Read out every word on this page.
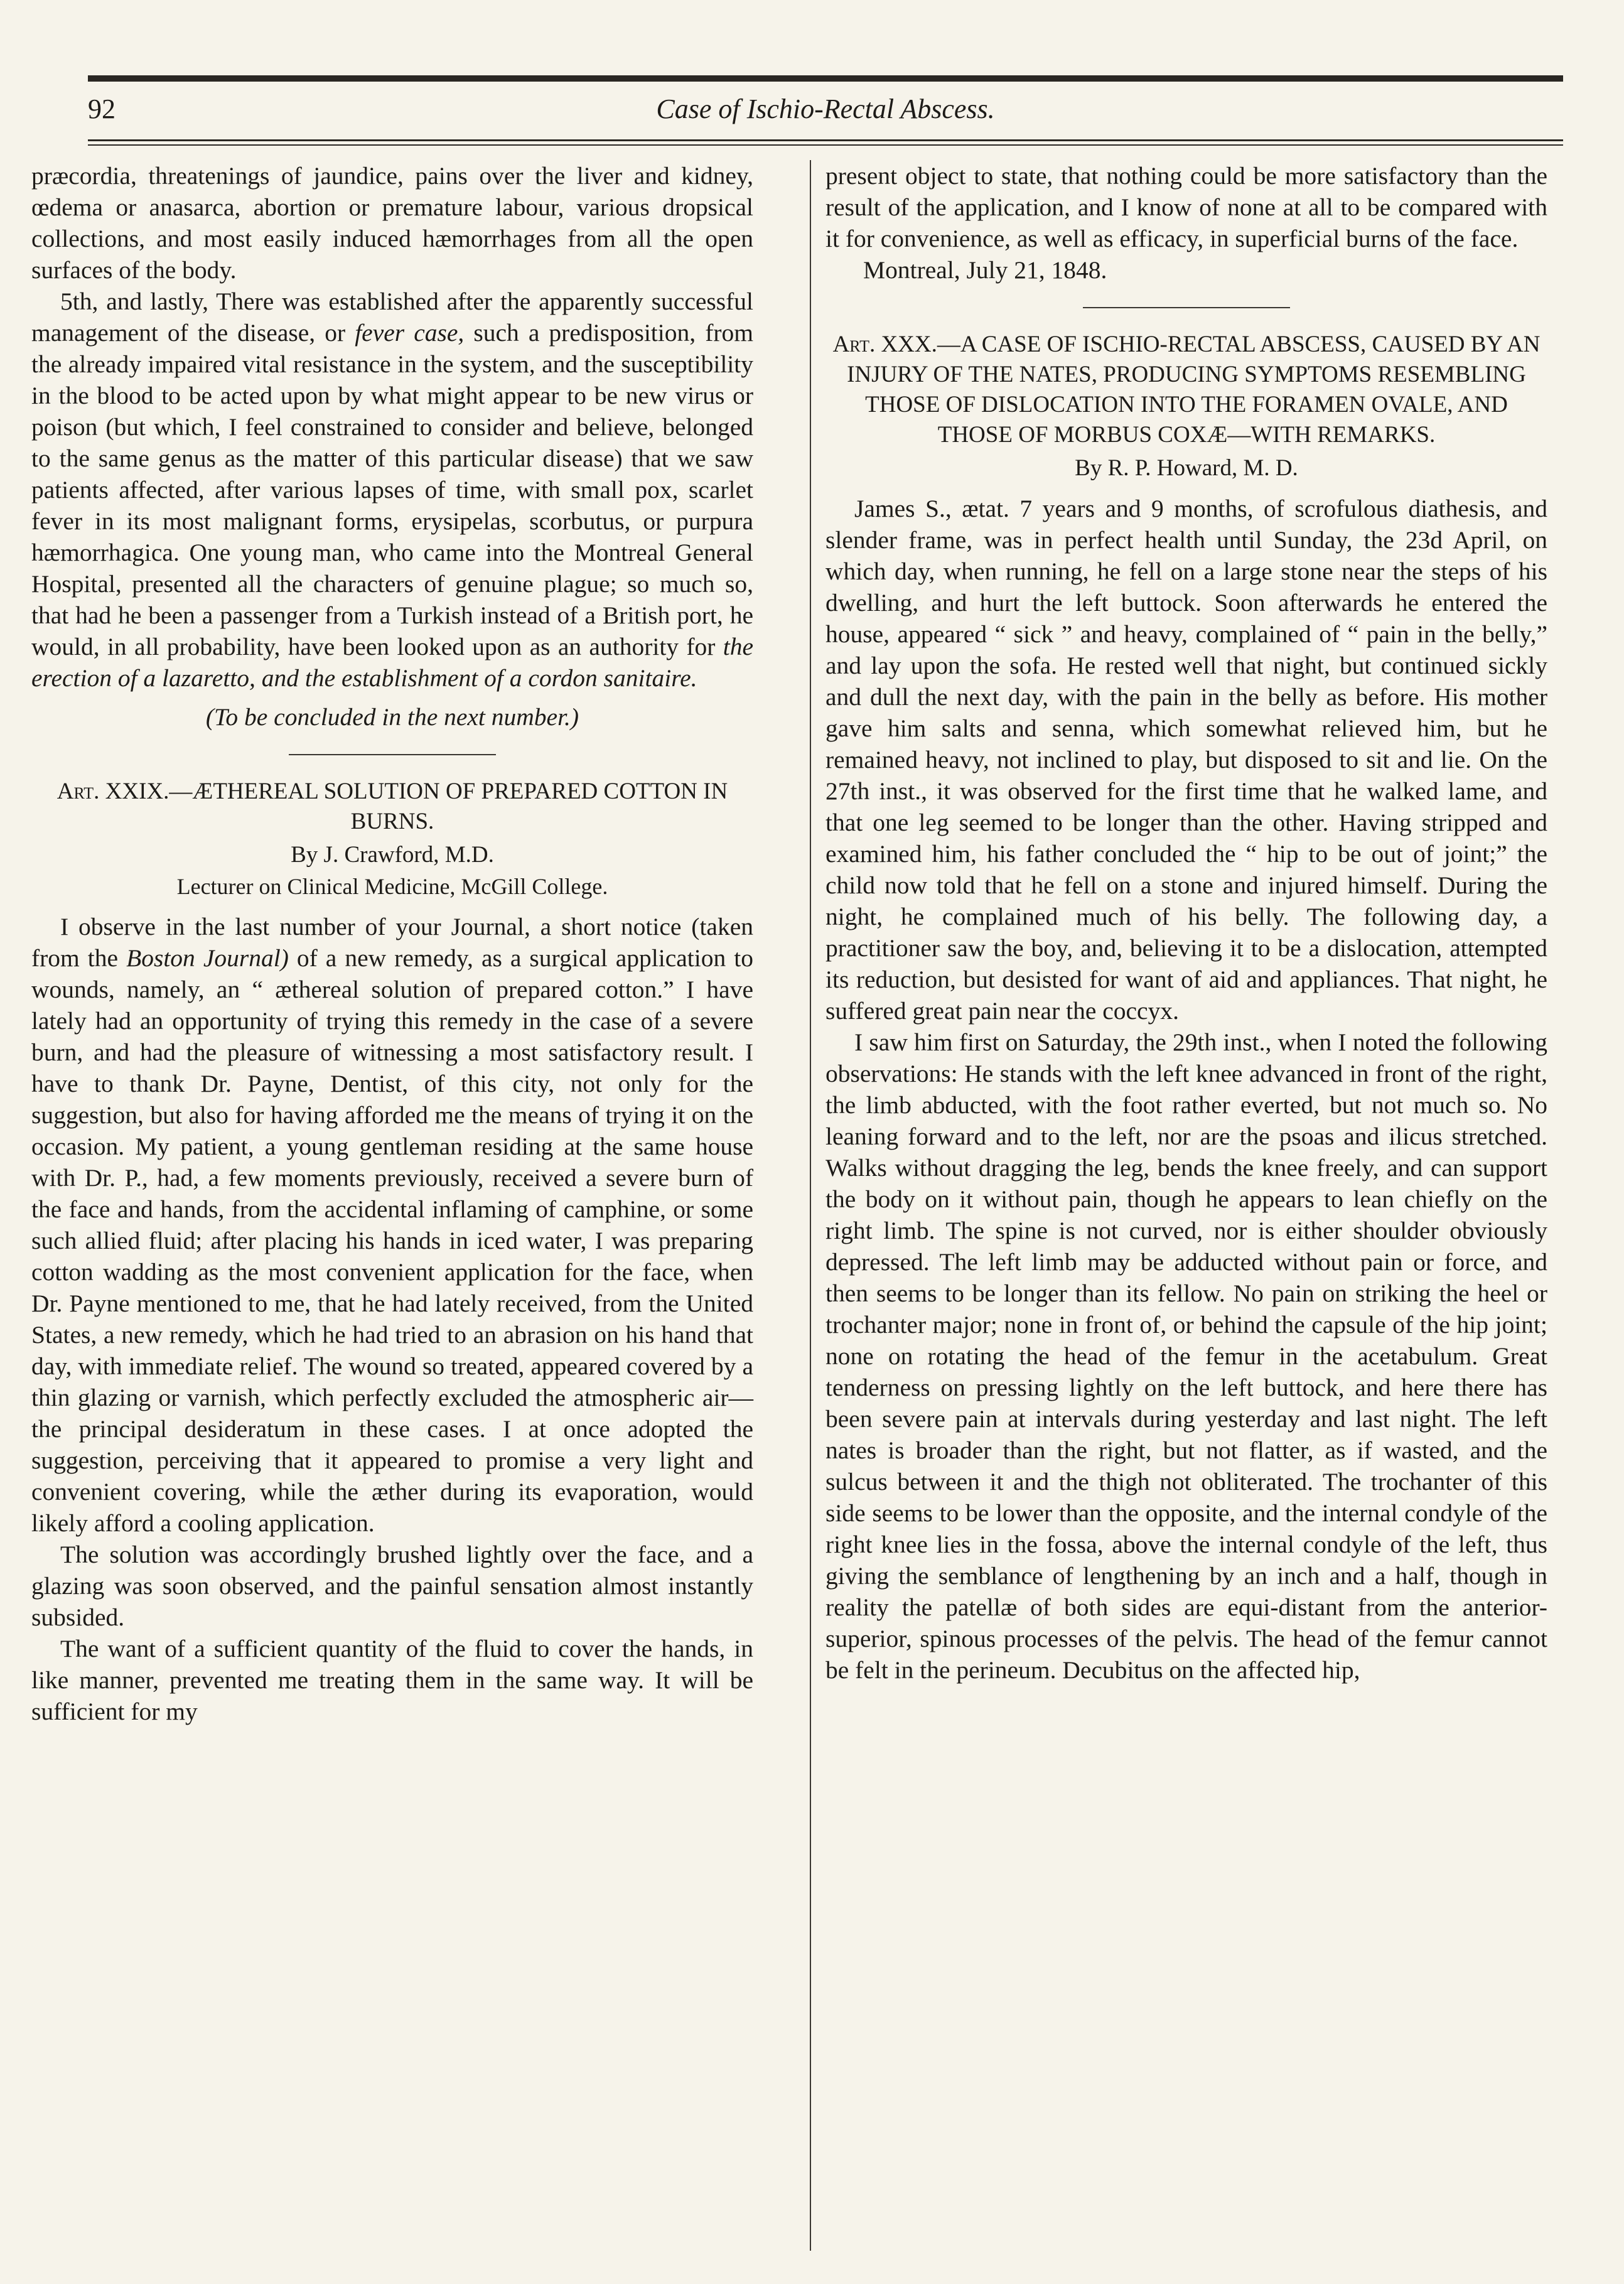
92	Case of Ischio-Rectal Abscess.

præcordia, threatenings of jaundice, pains over the liver and kidney, œdema or anasarca, abortion or premature labour, various dropsical collections, and most easily induced hæmorrhages from all the open surfaces of the body.

5th, and lastly, There was established after the apparently successful management of the disease, or fever case, such a predisposition, from the already impaired vital resistance in the system, and the susceptibility in the blood to be acted upon by what might appear to be new virus or poison (but which, I feel constrained to consider and believe, belonged to the same genus as the matter of this particular disease) that we saw patients affected, after various lapses of time, with small pox, scarlet fever in its most malignant forms, erysipelas, scorbutus, or purpura hæmorrhagica. One young man, who came into the Montreal General Hospital, presented all the characters of genuine plague; so much so, that had he been a passenger from a Turkish instead of a British port, he would, in all probability, have been looked upon as an authority for the erection of a lazaretto, and the establishment of a cordon sanitaire.

(To be concluded in the next number.)

Art. XXIX.—ÆTHEREAL SOLUTION OF PREPARED COTTON IN BURNS.
By J. Crawford, M.D.
Lecturer on Clinical Medicine, McGill College.

I observe in the last number of your Journal, a short notice (taken from the Boston Journal) of a new remedy, as a surgical application to wounds, namely, an “ æthereal solution of prepared cotton.” I have lately had an opportunity of trying this remedy in the case of a severe burn, and had the pleasure of witnessing a most satisfactory result. I have to thank Dr. Payne, Dentist, of this city, not only for the suggestion, but also for having afforded me the means of trying it on the occasion. My patient, a young gentleman residing at the same house with Dr. P., had, a few moments previously, received a severe burn of the face and hands, from the accidental inflaming of camphine, or some such allied fluid; after placing his hands in iced water, I was preparing cotton wadding as the most convenient application for the face, when Dr. Payne mentioned to me, that he had lately received, from the United States, a new remedy, which he had tried to an abrasion on his hand that day, with immediate relief. The wound so treated, appeared covered by a thin glazing or varnish, which perfectly excluded the atmospheric air—the principal desideratum in these cases. I at once adopted the suggestion, perceiving that it appeared to promise a very light and convenient covering, while the æther during its evaporation, would likely afford a cooling application.

The solution was accordingly brushed lightly over the face, and a glazing was soon observed, and the painful sensation almost instantly subsided.

The want of a sufficient quantity of the fluid to cover the hands, in like manner, prevented me treating them in the same way. It will be sufficient for my

present object to state, that nothing could be more satisfactory than the result of the application, and I know of none at all to be compared with it for convenience, as well as efficacy, in superficial burns of the face.

Montreal, July 21, 1848.

Art. XXX.—A CASE OF ISCHIO-RECTAL ABSCESS, CAUSED BY AN INJURY OF THE NATES, PRODUCING SYMPTOMS RESEMBLING THOSE OF DISLOCATION INTO THE FORAMEN OVALE, AND THOSE OF MORBUS COXÆ—WITH REMARKS.
By R. P. Howard, M. D.

James S., ætat. 7 years and 9 months, of scrofulous diathesis, and slender frame, was in perfect health until Sunday, the 23d April, on which day, when running, he fell on a large stone near the steps of his dwelling, and hurt the left buttock. Soon afterwards he entered the house, appeared “ sick ” and heavy, complained of “ pain in the belly,” and lay upon the sofa. He rested well that night, but continued sickly and dull the next day, with the pain in the belly as before. His mother gave him salts and senna, which somewhat relieved him, but he remained heavy, not inclined to play, but disposed to sit and lie. On the 27th inst., it was observed for the first time that he walked lame, and that one leg seemed to be longer than the other. Having stripped and examined him, his father concluded the “ hip to be out of joint;” the child now told that he fell on a stone and injured himself. During the night, he complained much of his belly. The following day, a practitioner saw the boy, and, believing it to be a dislocation, attempted its reduction, but desisted for want of aid and appliances. That night, he suffered great pain near the coccyx.

I saw him first on Saturday, the 29th inst., when I noted the following observations: He stands with the left knee advanced in front of the right, the limb abducted, with the foot rather everted, but not much so. No leaning forward and to the left, nor are the psoas and ilicus stretched. Walks without dragging the leg, bends the knee freely, and can support the body on it without pain, though he appears to lean chiefly on the right limb. The spine is not curved, nor is either shoulder obviously depressed. The left limb may be adducted without pain or force, and then seems to be longer than its fellow. No pain on striking the heel or trochanter major; none in front of, or behind the capsule of the hip joint; none on rotating the head of the femur in the acetabulum. Great tenderness on pressing lightly on the left buttock, and here there has been severe pain at intervals during yesterday and last night. The left nates is broader than the right, but not flatter, as if wasted, and the sulcus between it and the thigh not obliterated. The trochanter of this side seems to be lower than the opposite, and the internal condyle of the right knee lies in the fossa, above the internal condyle of the left, thus giving the semblance of lengthening by an inch and a half, though in reality the patellæ of both sides are equi-distant from the anterior-superior, spinous processes of the pelvis. The head of the femur cannot be felt in the perineum. Decubitus on the affected hip,
